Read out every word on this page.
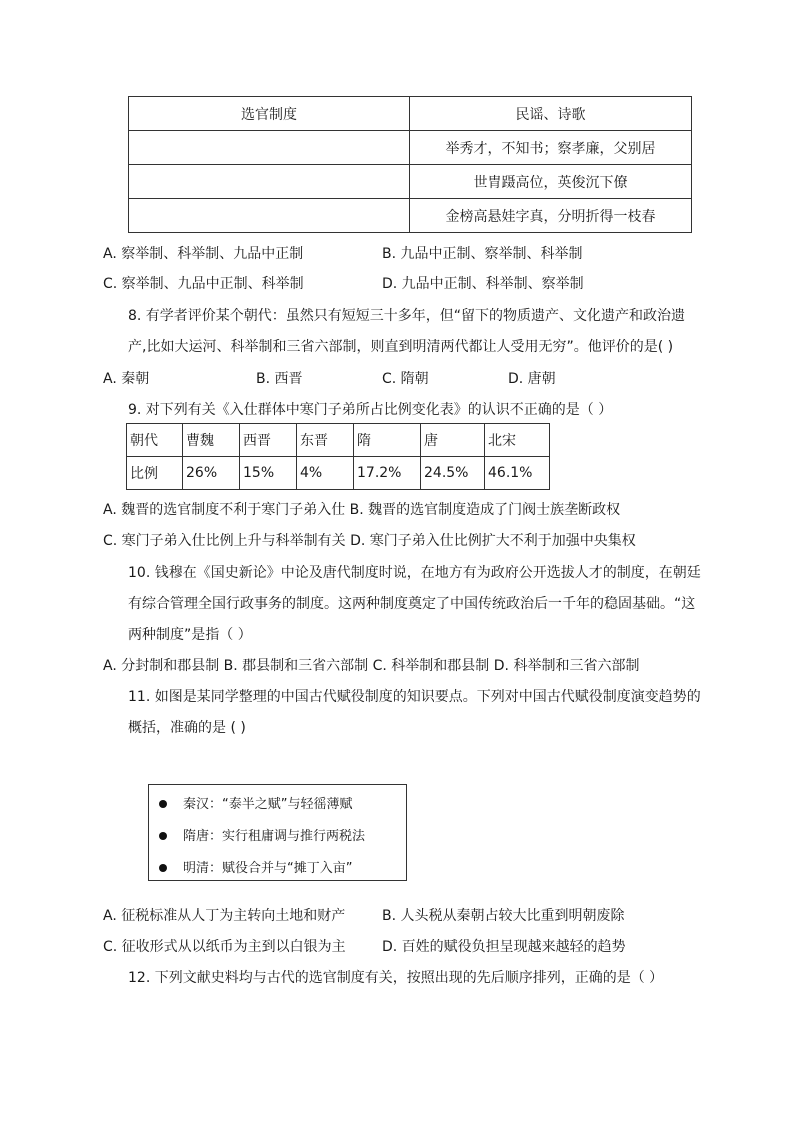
选官制度	民谣、诗歌
	举秀才，不知书；察孝廉，父别居
	世胄蹑高位，英俊沉下僚
	金榜高悬娃字真，分明折得一枝春
A. 察举制、科举制、九品中正制	B. 九品中正制、察举制、科举制
C. 察举制、九品中正制、科举制	D. 九品中正制、科举制、察举制
8. 有学者评价某个朝代：虽然只有短短三十多年，但“留下的物质遗产、文化遗产和政治遗
产,比如大运河、科举制和三省六部制，则直到明清两代都让人受用无穷”。他评价的是( )
A. 秦朝	B. 西晋	C. 隋朝	D. 唐朝
9. 对下列有关《入仕群体中寒门子弟所占比例变化表》的认识不正确的是（ ）
朝代	曹魏	西晋	东晋	隋	唐	北宋
比例	26%	15%	4%	17.2%	24.5%	46.1%
A. 魏晋的选官制度不利于寒门子弟入仕 B. 魏晋的选官制度造成了门阀士族垄断政权
C. 寒门子弟入仕比例上升与科举制有关 D. 寒门子弟入仕比例扩大不利于加强中央集权
10. 钱穆在《国史新论》中论及唐代制度时说，在地方有为政府公开选拔人才的制度，在朝廷
有综合管理全国行政事务的制度。这两种制度奠定了中国传统政治后一千年的稳固基础。“这
两种制度”是指（ ）
A. 分封制和郡县制 B. 郡县制和三省六部制 C. 科举制和郡县制 D. 科举制和三省六部制
11. 如图是某同学整理的中国古代赋役制度的知识要点。下列对中国古代赋役制度演变趋势的
概括，准确的是 ( )
秦汉：“泰半之赋”与轻徭薄赋
隋唐：实行租庸调与推行两税法
明清：赋役合并与“摊丁入亩”
A. 征税标准从人丁为主转向土地和财产	B. 人头税从秦朝占较大比重到明朝废除
C. 征收形式从以纸币为主到以白银为主	D. 百姓的赋役负担呈现越来越轻的趋势
12. 下列文献史料均与古代的选官制度有关，按照出现的先后顺序排列，正确的是（ ）
